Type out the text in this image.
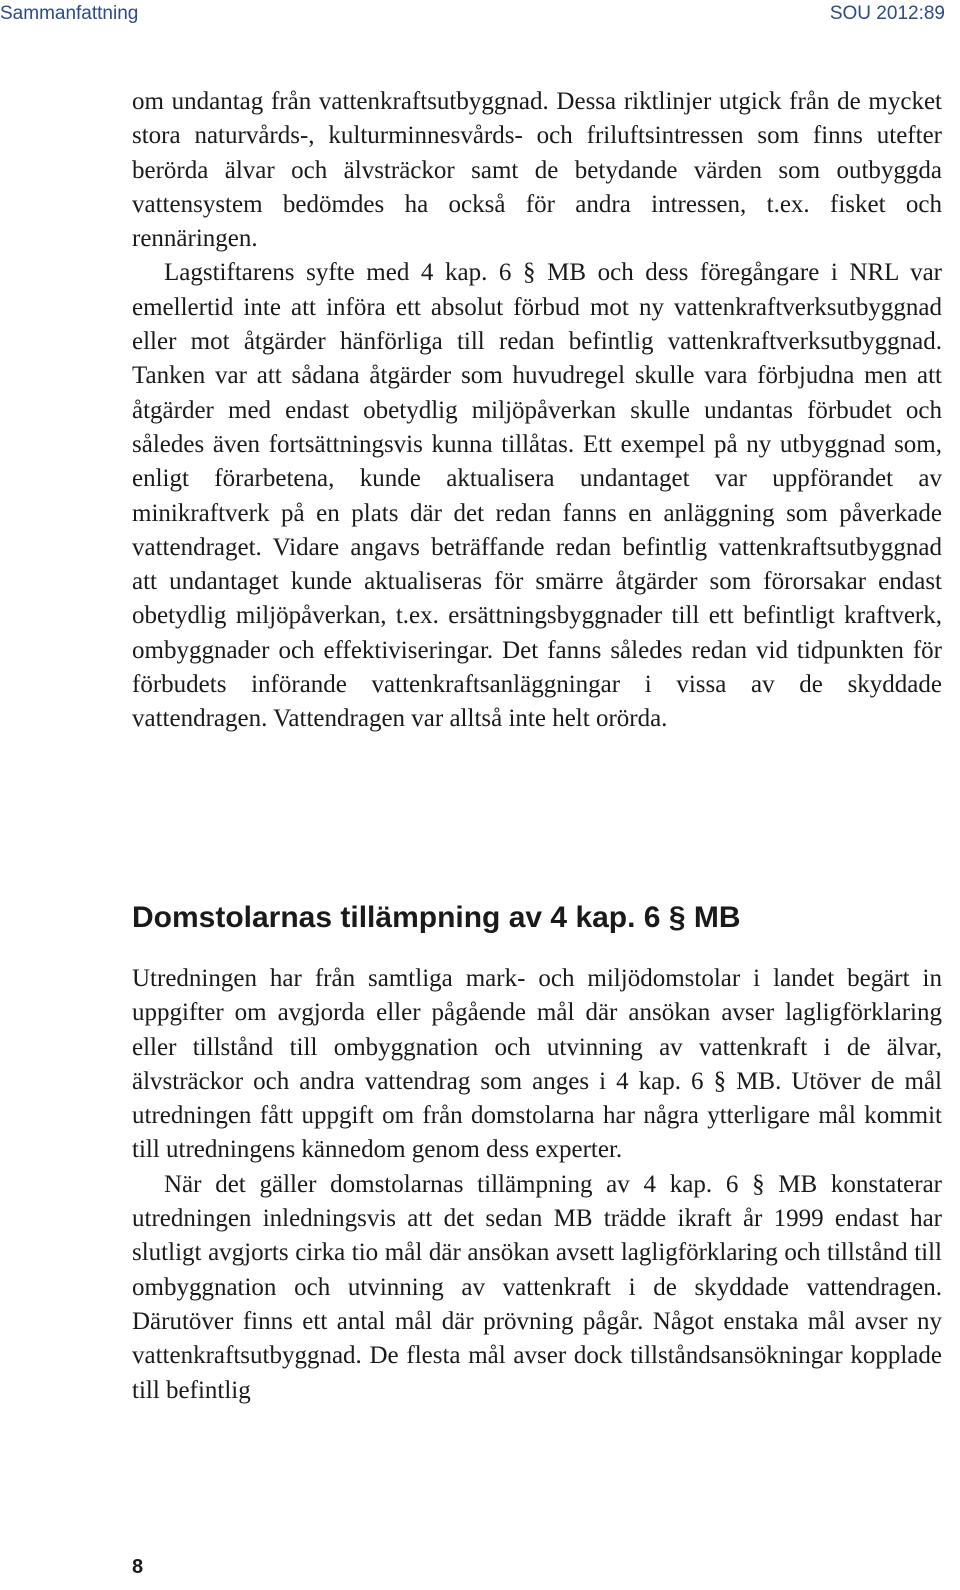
Sammanfattning	SOU 2012:89

om undantag från vattenkraftsutbyggnad. Dessa riktlinjer utgick från de mycket stora naturvårds-, kulturminnesvårds- och friluftsintressen som finns utefter berörda älvar och älvsträckor samt de betydande värden som outbyggda vattensystem bedömdes ha också för andra intressen, t.ex. fisket och rennäringen.

Lagstiftarens syfte med 4 kap. 6 § MB och dess föregångare i NRL var emellertid inte att införa ett absolut förbud mot ny vattenkraftverksutbyggnad eller mot åtgärder hänförliga till redan befintlig vattenkraftverksutbyggnad. Tanken var att sådana åtgärder som huvudregel skulle vara förbjudna men att åtgärder med endast obetydlig miljöpåverkan skulle undantas förbudet och således även fortsättningsvis kunna tillåtas. Ett exempel på ny utbyggnad som, enligt förarbetena, kunde aktualisera undantaget var uppförandet av minikraftverk på en plats där det redan fanns en anläggning som påverkade vattendraget. Vidare angavs beträffande redan befintlig vattenkraftsutbyggnad att undantaget kunde aktualiseras för smärre åtgärder som förorsakar endast obetydlig miljöpåverkan, t.ex. ersättningsbyggnader till ett befintligt kraftverk, ombyggnader och effektiviseringar. Det fanns således redan vid tidpunkten för förbudets införande vattenkraftsanläggningar i vissa av de skyddade vattendragen. Vattendragen var alltså inte helt orörda.

Domstolarnas tillämpning av 4 kap. 6 § MB

Utredningen har från samtliga mark- och miljödomstolar i landet begärt in uppgifter om avgjorda eller pågående mål där ansökan avser lagligförklaring eller tillstånd till ombyggnation och utvinning av vattenkraft i de älvar, älvsträckor och andra vattendrag som anges i 4 kap. 6 § MB. Utöver de mål utredningen fått uppgift om från domstolarna har några ytterligare mål kommit till utredningens kännedom genom dess experter.

När det gäller domstolarnas tillämpning av 4 kap. 6 § MB konstaterar utredningen inledningsvis att det sedan MB trädde ikraft år 1999 endast har slutligt avgjorts cirka tio mål där ansökan avsett lagligförklaring och tillstånd till ombyggnation och utvinning av vattenkraft i de skyddade vattendragen. Därutöver finns ett antal mål där prövning pågår. Något enstaka mål avser ny vattenkraftsutbyggnad. De flesta mål avser dock tillståndsansökningar kopplade till befintlig

8
